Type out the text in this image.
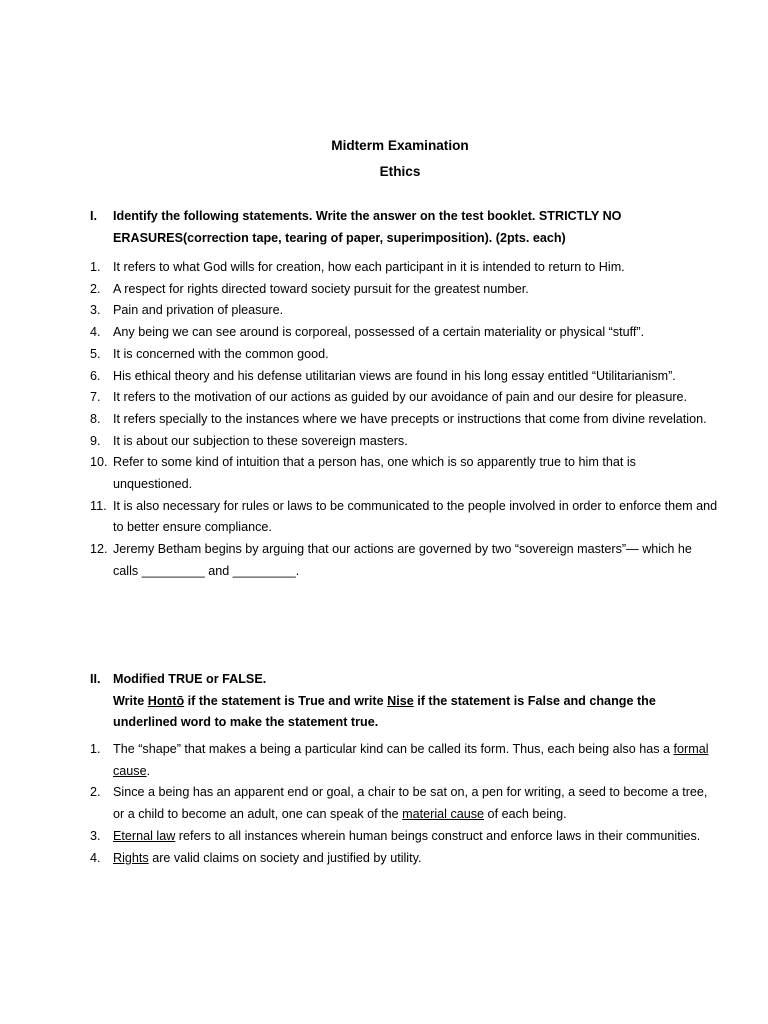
Midterm Examination
Ethics
I.	Identify the following statements. Write the answer on the test booklet. STRICTLY NO ERASURES(correction tape, tearing of paper, superimposition). (2pts. each)
1. It refers to what God wills for creation, how each participant in it is intended to return to Him.
2. A respect for rights directed toward society pursuit for the greatest number.
3. Pain and privation of pleasure.
4. Any being we can see around is corporeal, possessed of a certain materiality or physical “stuff”.
5. It is concerned with the common good.
6. His ethical theory and his defense utilitarian views are found in his long essay entitled “Utilitarianism”.
7. It refers to the motivation of our actions as guided by our avoidance of pain and our desire for pleasure.
8. It refers specially to the instances where we have precepts or instructions that come from divine revelation.
9. It is about our subjection to these sovereign masters.
10. Refer to some kind of intuition that a person has, one which is so apparently true to him that is unquestioned.
11. It is also necessary for rules or laws to be communicated to the people involved in order to enforce them and to better ensure compliance.
12. Jeremy Betham begins by arguing that our actions are governed by two “sovereign masters”— which he calls _________ and _________.
II. Modified TRUE or FALSE.
Write Hontō if the statement is True and write Nise if the statement is False and change the underlined word to make the statement true.
1. The “shape” that makes a being a particular kind can be called its form. Thus, each being also has a formal cause.
2. Since a being has an apparent end or goal, a chair to be sat on, a pen for writing, a seed to become a tree, or a child to become an adult, one can speak of the material cause of each being.
3. Eternal law refers to all instances wherein human beings construct and enforce laws in their communities.
4. Rights are valid claims on society and justified by utility.
